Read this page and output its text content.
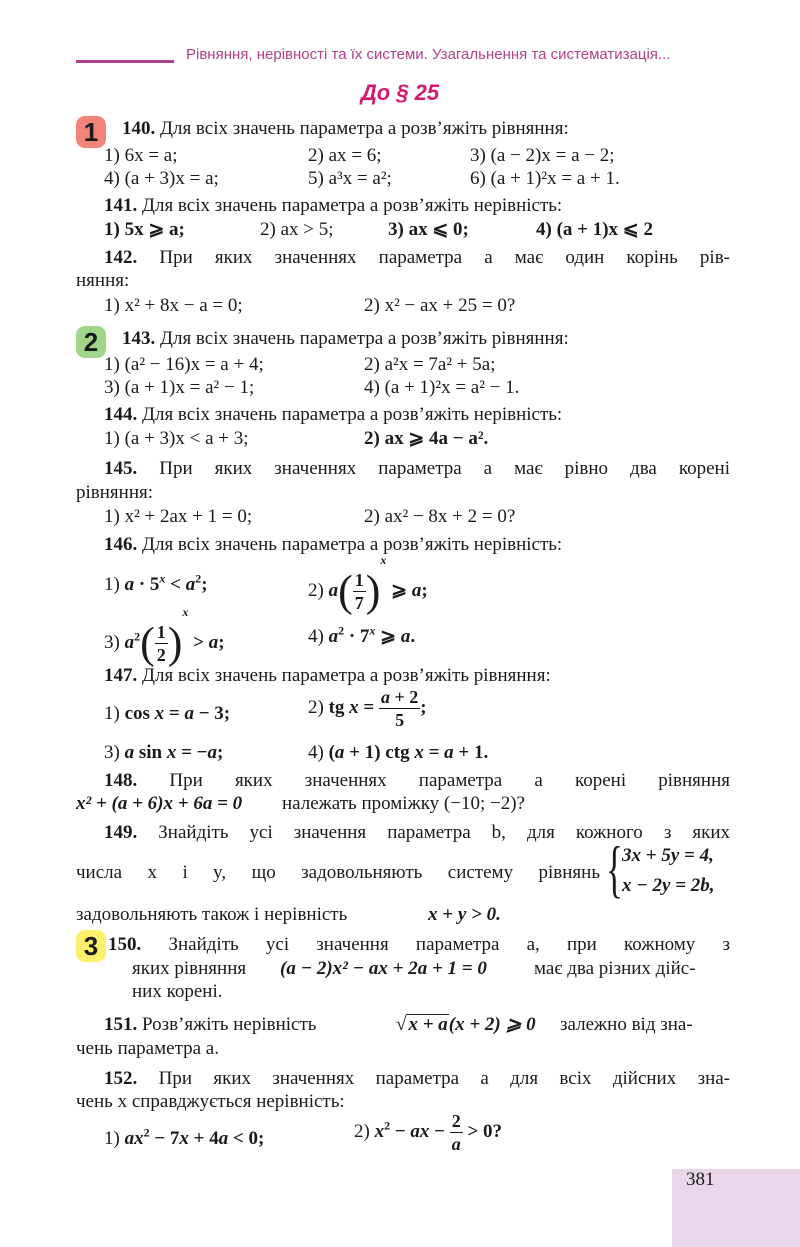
Рівняння, нерівності та їх системи. Узагальнення та систематизація...
До § 25
1
2
3
140. Для всіх значень параметра a розв’яжіть рівняння:
1) 6x = a;	2) ax = 6;	3) (a − 2)x = a − 2;
4) (a + 3)x = a;	5) a³x = a²;	6) (a + 1)²x = a + 1.
141. Для всіх значень параметра a розв’яжіть нерівність:
1) 5x ⩾ a;	2) ax > 5;	3) ax ⩽ 0;	4) (a + 1)x ⩽ 2
142. При яких значеннях параметра a має один корінь рів-
няння:
1) x² + 8x − a = 0;	2) x² − ax + 25 = 0?
143. Для всіх значень параметра a розв’яжіть рівняння:
1) (a² − 16)x = a + 4;	2) a²x = 7a² + 5a;
3) (a + 1)x = a² − 1;	4) (a + 1)²x = a² − 1.
144. Для всіх значень параметра a розв’яжіть нерівність:
1) (a + 3)x < a + 3;	2) ax ⩾ 4a − a².
145. При яких значеннях параметра a має рівно два корені
рівняння:
1) x² + 2ax + 1 = 0;	2) ax² − 8x + 2 = 0?
146. Для всіх значень параметра a розв’яжіть нерівність:
1) $a \cdot 5^x < a^2$;	2) $a( \frac{1}{7} )^x$ ⩾ a;
3) $a^2( \frac{1}{2} )^x > a$;	4) $a^2 \cdot 7^x$ ⩾ a.
147. Для всіх значень параметра a розв’яжіть рівняння:
1) cos x = a − 3;	2) tg $x = \frac{a + 2}{5}$ ;
3) a sin x = −a;	4) (a + 1) ctg x = a + 1.
148. При яких значеннях параметра a корені рівняння
x² + (a + 6)x + 6a = 0 належать проміжку (−10; −2)?
149. Знайдіть усі значення параметра b, для кожного з яких
числа x і y, що задовольняють систему рівнянь { 3x + 5y = 4,
x − 2y = 2b,
задовольняють також і нерівність	x + y > 0.
150. Знайдіть усі значення параметра a, при кожному з
яких рівняння (a − 2)x² − ax + 2a + 1 = 0 має два різних дійс-
них корені.
151. Розв’яжіть нерівність	√ x + a(x + 2) ⩾ 0 залежно від зна-
чень параметра a.
152. При яких значеннях параметра a для всіх дійсних зна-
чень x справджується нерівність:
1) $ax^2 - 7x + 4a < 0$;	2) $x^2$ − ax − $\frac{2}{a} > 0$?
381
